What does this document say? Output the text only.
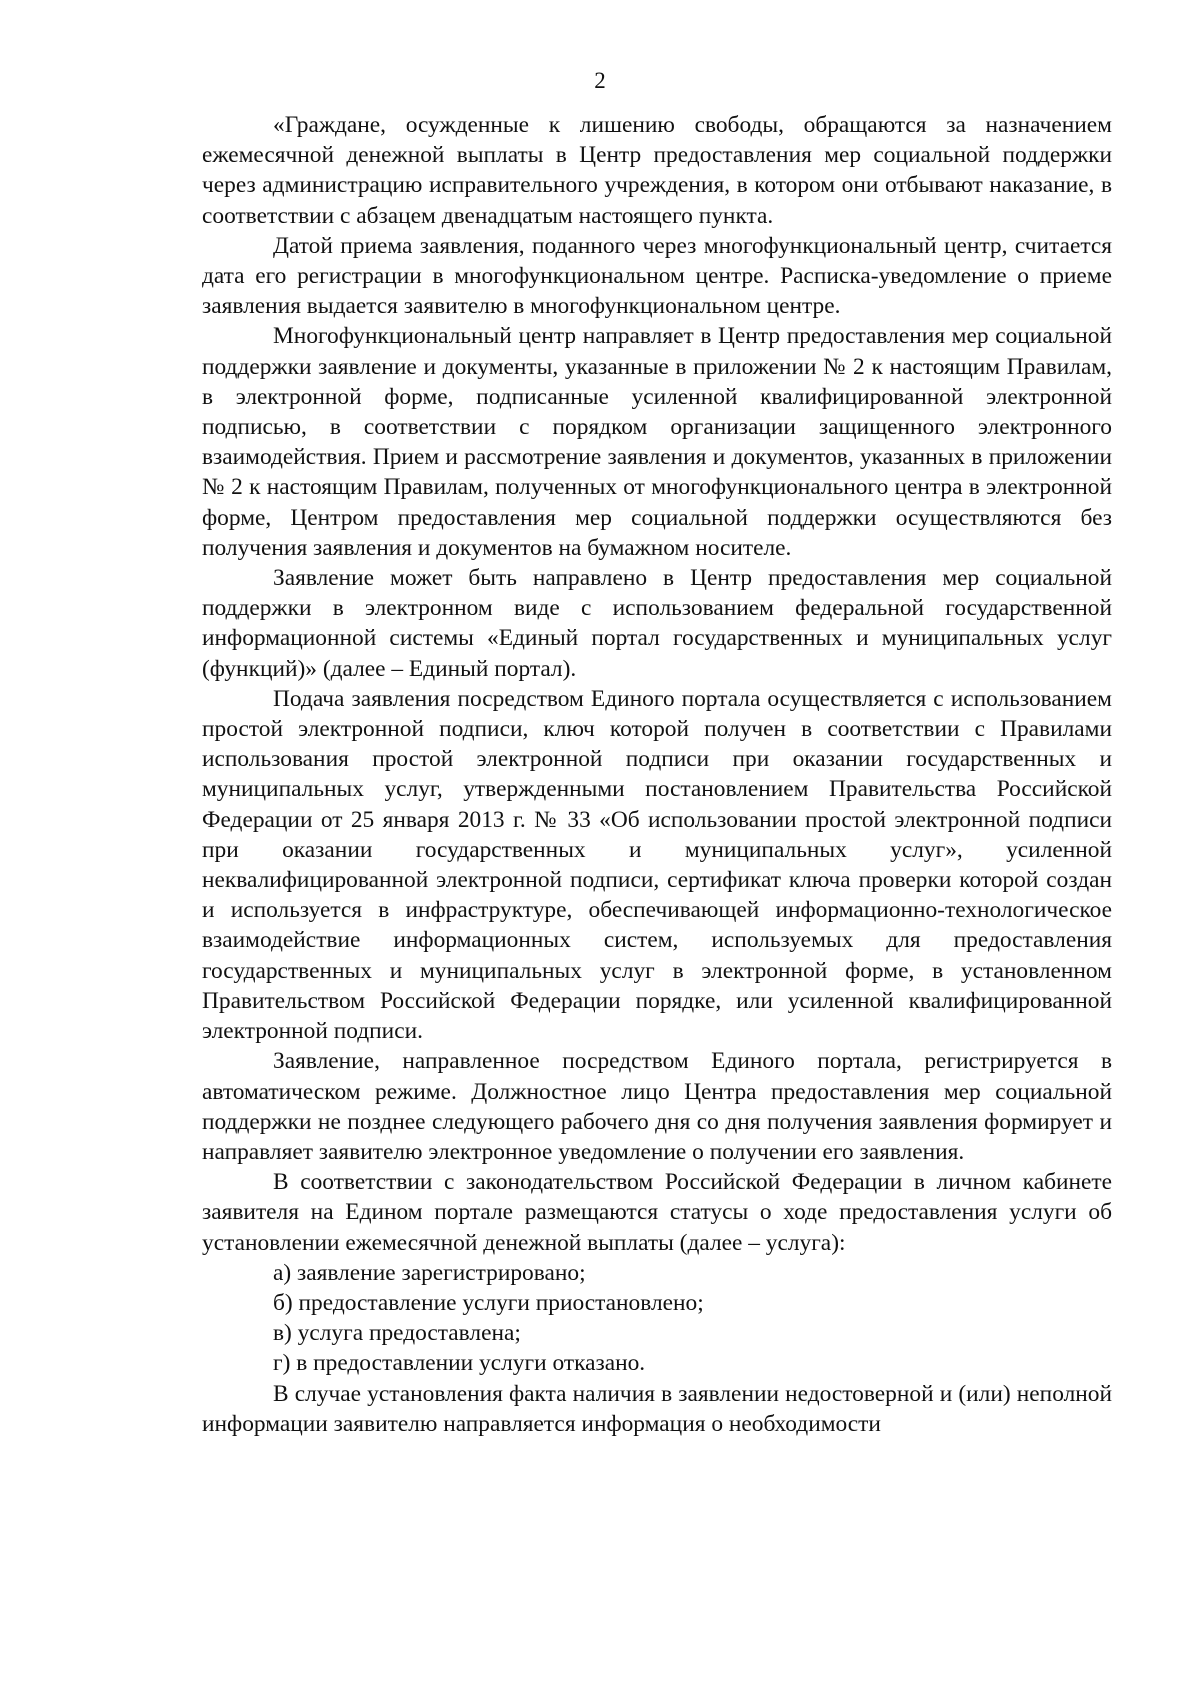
2

«Граждане, осужденные к лишению свободы, обращаются за назначением ежемесячной денежной выплаты в Центр предоставления мер социальной поддержки через администрацию исправительного учреждения, в котором они отбывают наказание, в соответствии с абзацем двенадцатым настоящего пункта.

Датой приема заявления, поданного через многофункциональный центр, считается дата его регистрации в многофункциональном центре. Расписка-уведомление о приеме заявления выдается заявителю в многофункциональном центре.

Многофункциональный центр направляет в Центр предоставления мер социальной поддержки заявление и документы, указанные в приложении № 2 к настоящим Правилам, в электронной форме, подписанные усиленной квалифицированной электронной подписью, в соответствии с порядком организации защищенного электронного взаимодействия. Прием и рассмотрение заявления и документов, указанных в приложении № 2 к настоящим Правилам, полученных от многофункционального центра в электронной форме, Центром предоставления мер социальной поддержки осуществляются без получения заявления и документов на бумажном носителе.

Заявление может быть направлено в Центр предоставления мер социальной поддержки в электронном виде с использованием федеральной государственной информационной системы «Единый портал государственных и муниципальных услуг (функций)» (далее – Единый портал).

Подача заявления посредством Единого портала осуществляется с использованием простой электронной подписи, ключ которой получен в соответствии с Правилами использования простой электронной подписи при оказании государственных и муниципальных услуг, утвержденными постановлением Правительства Российской Федерации от 25 января 2013 г. № 33 «Об использовании простой электронной подписи при оказании государственных и муниципальных услуг», усиленной неквалифицированной электронной подписи, сертификат ключа проверки которой создан и используется в инфраструктуре, обеспечивающей информационно-технологическое взаимодействие информационных систем, используемых для предоставления государственных и муниципальных услуг в электронной форме, в установленном Правительством Российской Федерации порядке, или усиленной квалифицированной электронной подписи.

Заявление, направленное посредством Единого портала, регистрируется в автоматическом режиме. Должностное лицо Центра предоставления мер социальной поддержки не позднее следующего рабочего дня со дня получения заявления формирует и направляет заявителю электронное уведомление о получении его заявления.

В соответствии с законодательством Российской Федерации в личном кабинете заявителя на Едином портале размещаются статусы о ходе предоставления услуги об установлении ежемесячной денежной выплаты (далее – услуга):

а) заявление зарегистрировано;

б) предоставление услуги приостановлено;

в) услуга предоставлена;

г) в предоставлении услуги отказано.

В случае установления факта наличия в заявлении недостоверной и (или) неполной информации заявителю направляется информация о необходимости
